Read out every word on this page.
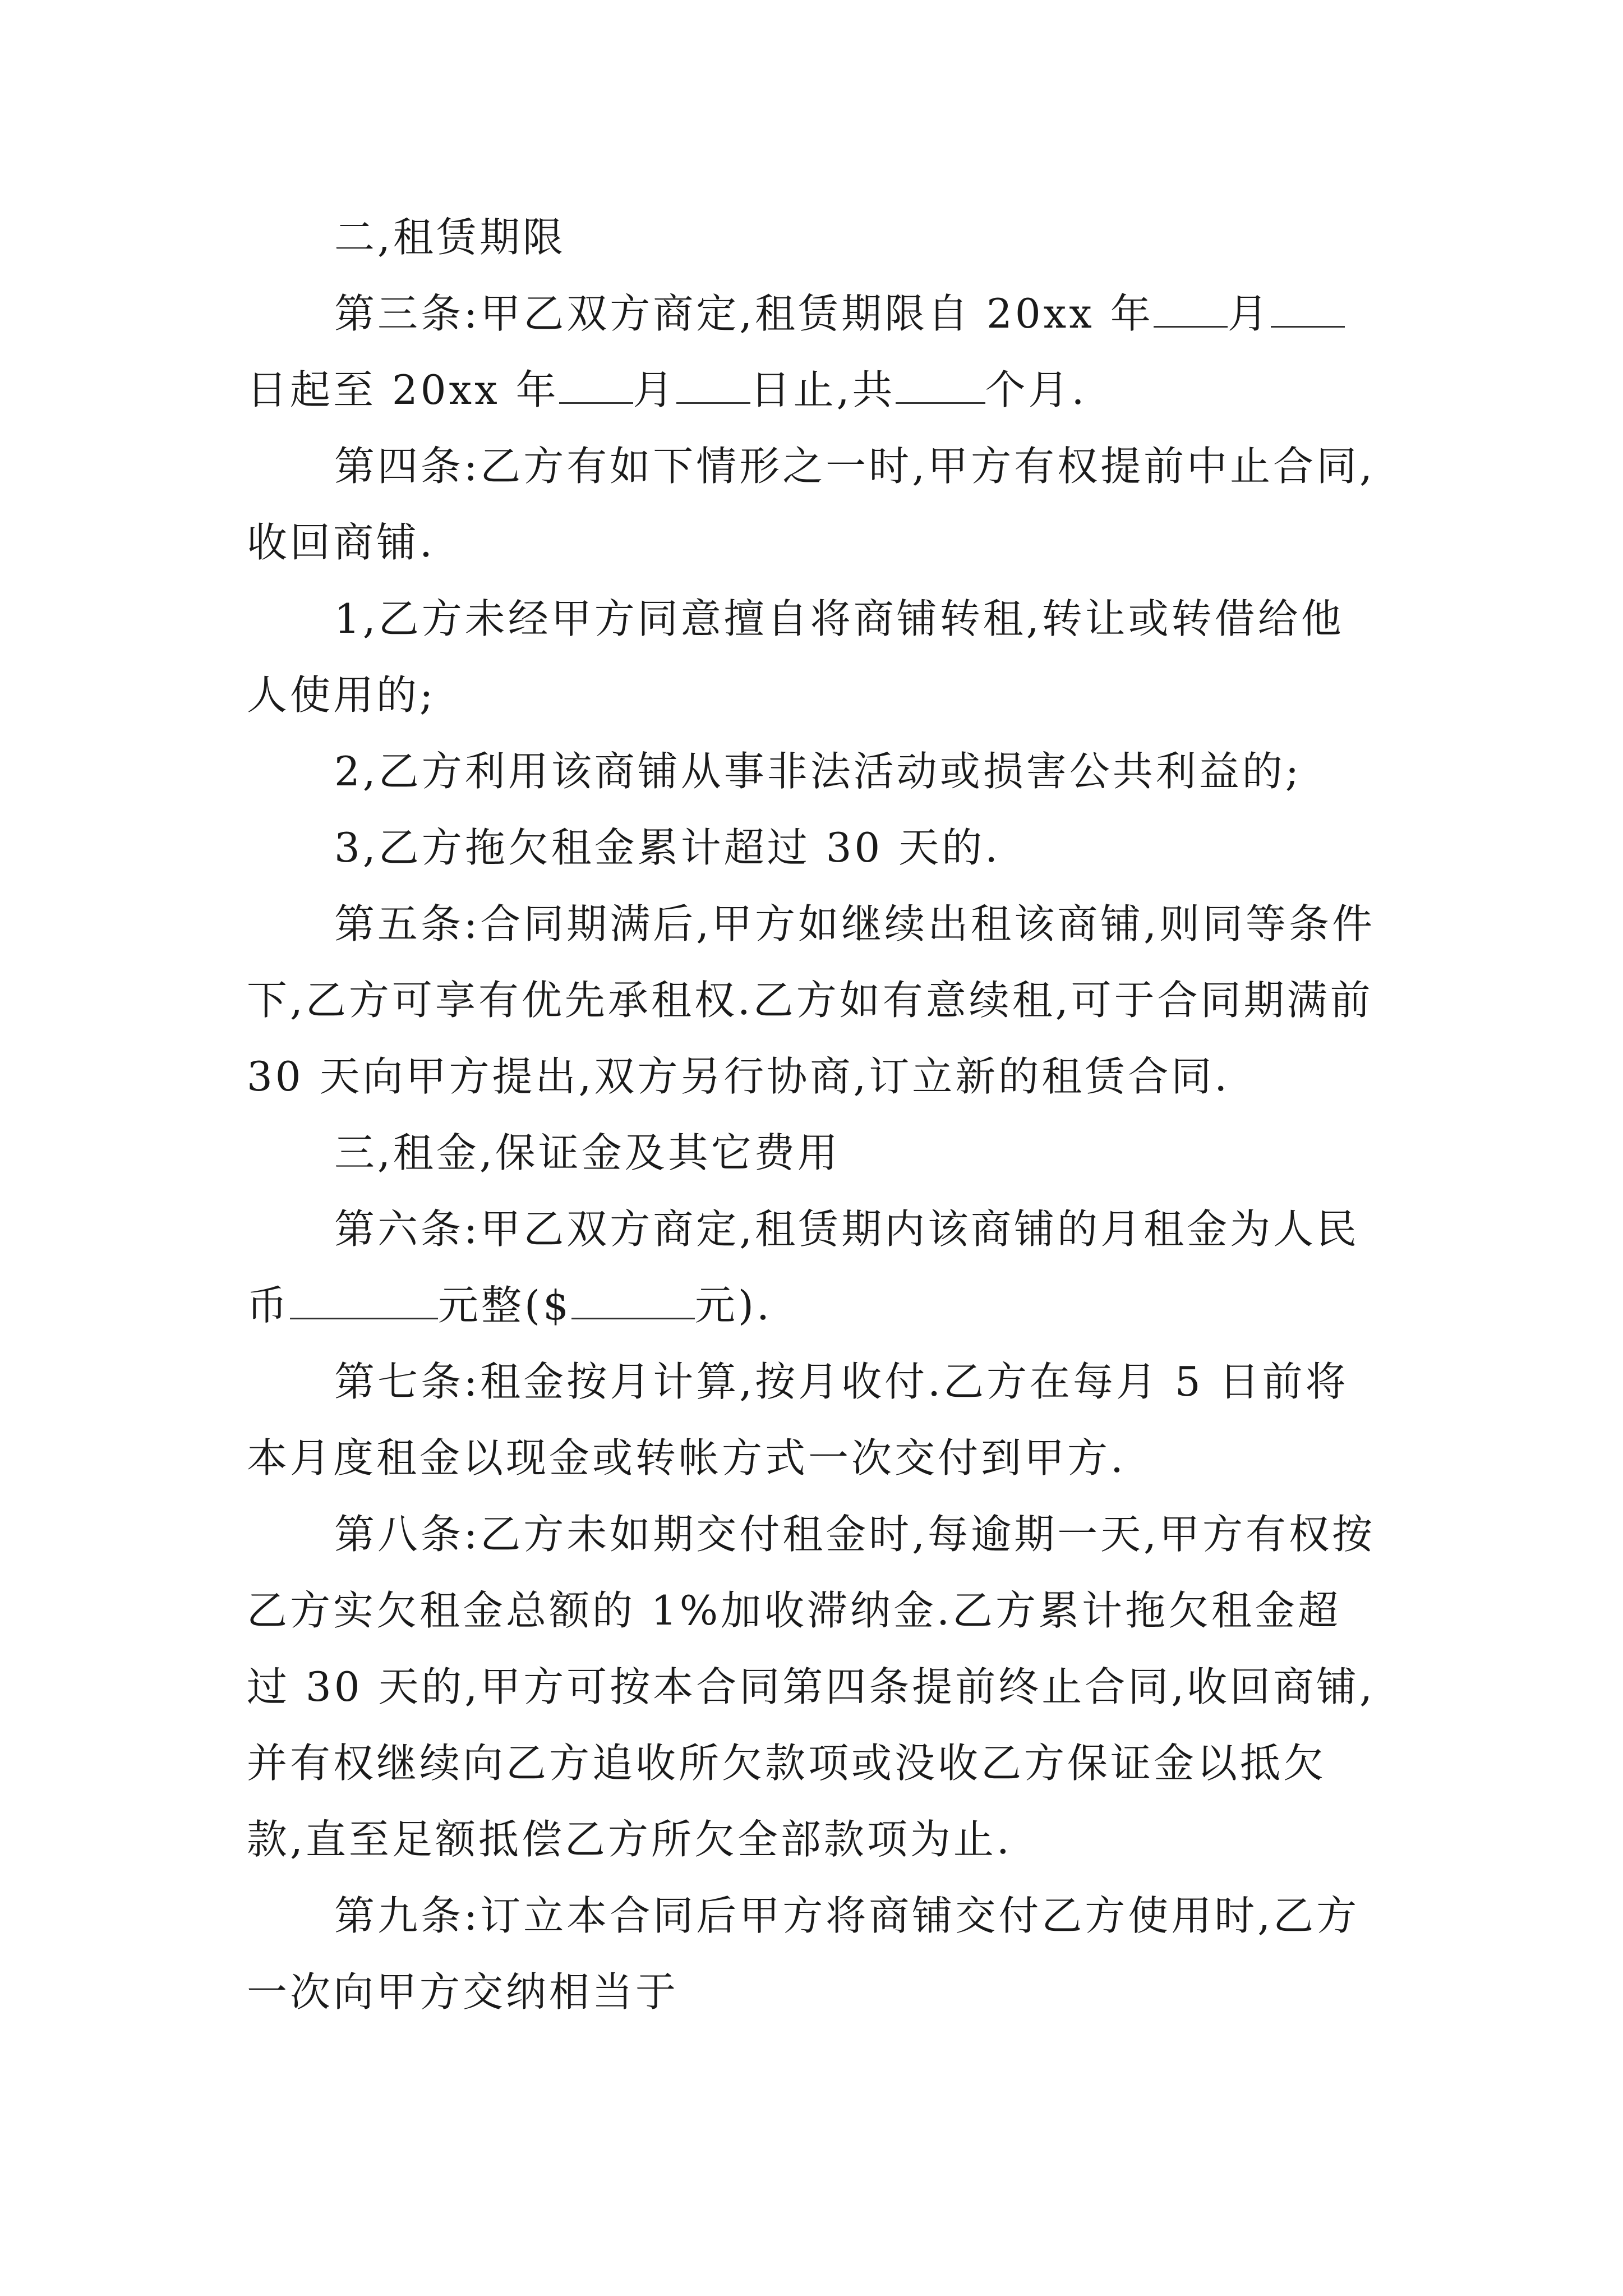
二,租赁期限

第三条:甲乙双方商定,租赁期限自 20xx 年 月日起至 20xx 年 月 日止,共 个月.

第四条:乙方有如下情形之一时,甲方有权提前中止合同,收回商铺.

1,乙方未经甲方同意擅自将商铺转租,转让或转借给他人使用的;

2,乙方利用该商铺从事非法活动或损害公共利益的;

3,乙方拖欠租金累计超过 30 天的.

第五条:合同期满后,甲方如继续出租该商铺,则同等条件下,乙方可享有优先承租权.乙方如有意续租,可于合同期满前 30 天向甲方提出,双方另行协商,订立新的租赁合同.

三,租金,保证金及其它费用

第六条:甲乙双方商定,租赁期内该商铺的月租金为人民币	元整($	元).

第七条:租金按月计算,按月收付.乙方在每月 5 日前将本月度租金以现金或转帐方式一次交付到甲方.

第八条:乙方未如期交付租金时,每逾期一天,甲方有权按乙方实欠租金总额的 1%加收滞纳金.乙方累计拖欠租金超过 30 天的,甲方可按本合同第四条提前终止合同,收回商铺,并有权继续向乙方追收所欠款项或没收乙方保证金以抵欠款,直至足额抵偿乙方所欠全部款项为止.

第九条:订立本合同后甲方将商铺交付乙方使用时,乙方一次向甲方交纳相当于
